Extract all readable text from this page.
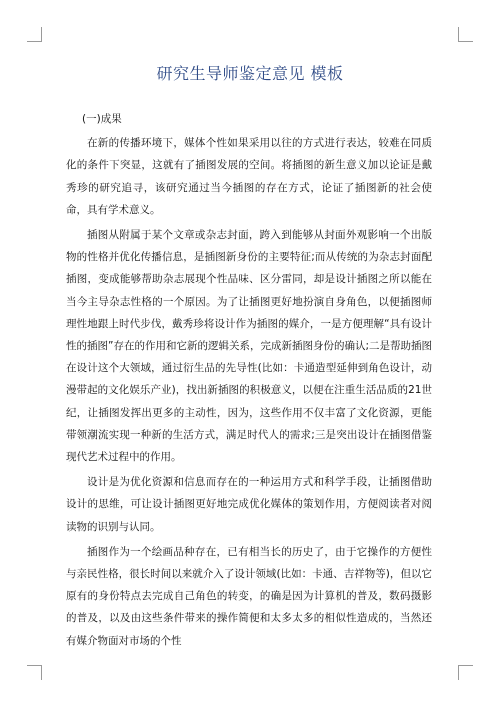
研究生导师鉴定意见 模板
(一)成果

在新的传播环境下，媒体个性如果采用以往的方式进行表达，较难在同质化的条件下突显，这就有了插图发展的空间。将插图的新生意义加以论证是戴秀珍的研究追寻，该研究通过当今插图的存在方式，论证了插图新的社会使命，具有学术意义。

插图从附属于某个文章或杂志封面，跨入到能够从封面外观影响一个出版物的性格并优化传播信息，是插图新身份的主要特征;而从传统的为杂志封面配插图，变成能够帮助杂志展现个性品味、区分雷同，却是设计插图之所以能在当今主导杂志性格的一个原因。为了让插图更好地扮演自身角色，以便插图师理性地跟上时代步伐，戴秀珍将设计作为插图的媒介，一是方便理解“具有设计性的插图”存在的作用和它新的逻辑关系，完成新插图身份的确认;二是帮助插图在设计这个大领域，通过衍生品的先导性(比如：卡通造型延伸到角色设计，动漫带起的文化娱乐产业)，找出新插图的积极意义，以便在注重生活品质的21世纪，让插图发挥出更多的主动性，因为，这些作用不仅丰富了文化资源，更能带领潮流实现一种新的生活方式，满足时代人的需求;三是突出设计在插图借鉴现代艺术过程中的作用。

设计是为优化资源和信息而存在的一种运用方式和科学手段，让插图借助设计的思维，可让设计插图更好地完成优化媒体的策划作用，方便阅读者对阅读物的识别与认同。

插图作为一个绘画品种存在，已有相当长的历史了，由于它操作的方便性与亲民性格，很长时间以来就介入了设计领域(比如：卡通、吉祥物等)，但以它原有的身份特点去完成自己角色的转变，的确是因为计算机的普及，数码摄影的普及，以及由这些条件带来的操作简便和太多太多的相似性造成的，当然还有媒介物面对市场的个性
